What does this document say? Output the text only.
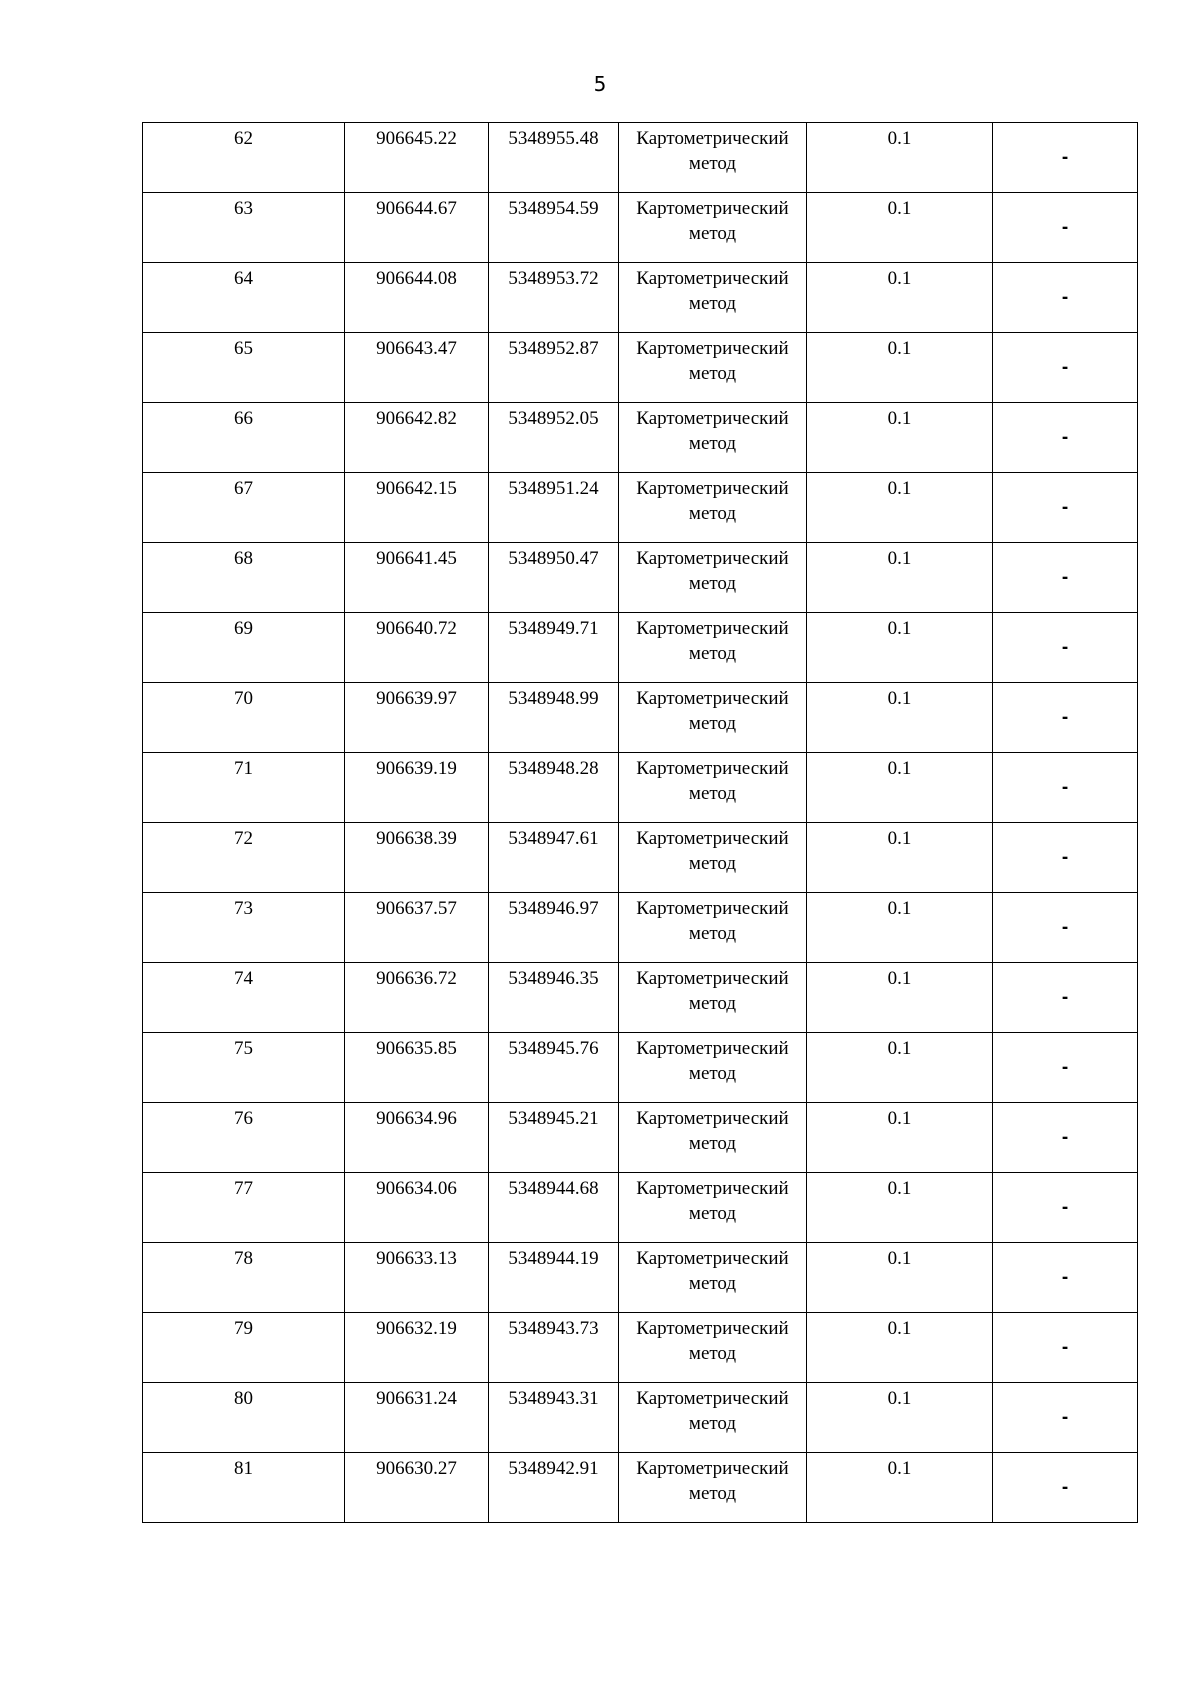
5
62	906645.22	5348955.48	Картометрический
метод	0.1	-

63	906644.67	5348954.59	Картометрический
метод	0.1	-

64	906644.08	5348953.72	Картометрический
метод	0.1	-

65	906643.47	5348952.87	Картометрический
метод	0.1	-

66	906642.82	5348952.05	Картометрический
метод	0.1	-

67	906642.15	5348951.24	Картометрический
метод	0.1	-

68	906641.45	5348950.47	Картометрический
метод	0.1	-

69	906640.72	5348949.71	Картометрический
метод	0.1	-

70	906639.97	5348948.99	Картометрический
метод	0.1	-

71	906639.19	5348948.28	Картометрический
метод	0.1	-

72	906638.39	5348947.61	Картометрический
метод	0.1	-

73	906637.57	5348946.97	Картометрический
метод	0.1	-

74	906636.72	5348946.35	Картометрический
метод	0.1	-

75	906635.85	5348945.76	Картометрический
метод	0.1	-

76	906634.96	5348945.21	Картометрический
метод	0.1	-

77	906634.06	5348944.68	Картометрический
метод	0.1	-

78	906633.13	5348944.19	Картометрический
метод	0.1	-

79	906632.19	5348943.73	Картометрический
метод	0.1	-

80	906631.24	5348943.31	Картометрический
метод	0.1	-

81	906630.27	5348942.91	Картометрический
метод	0.1	-
